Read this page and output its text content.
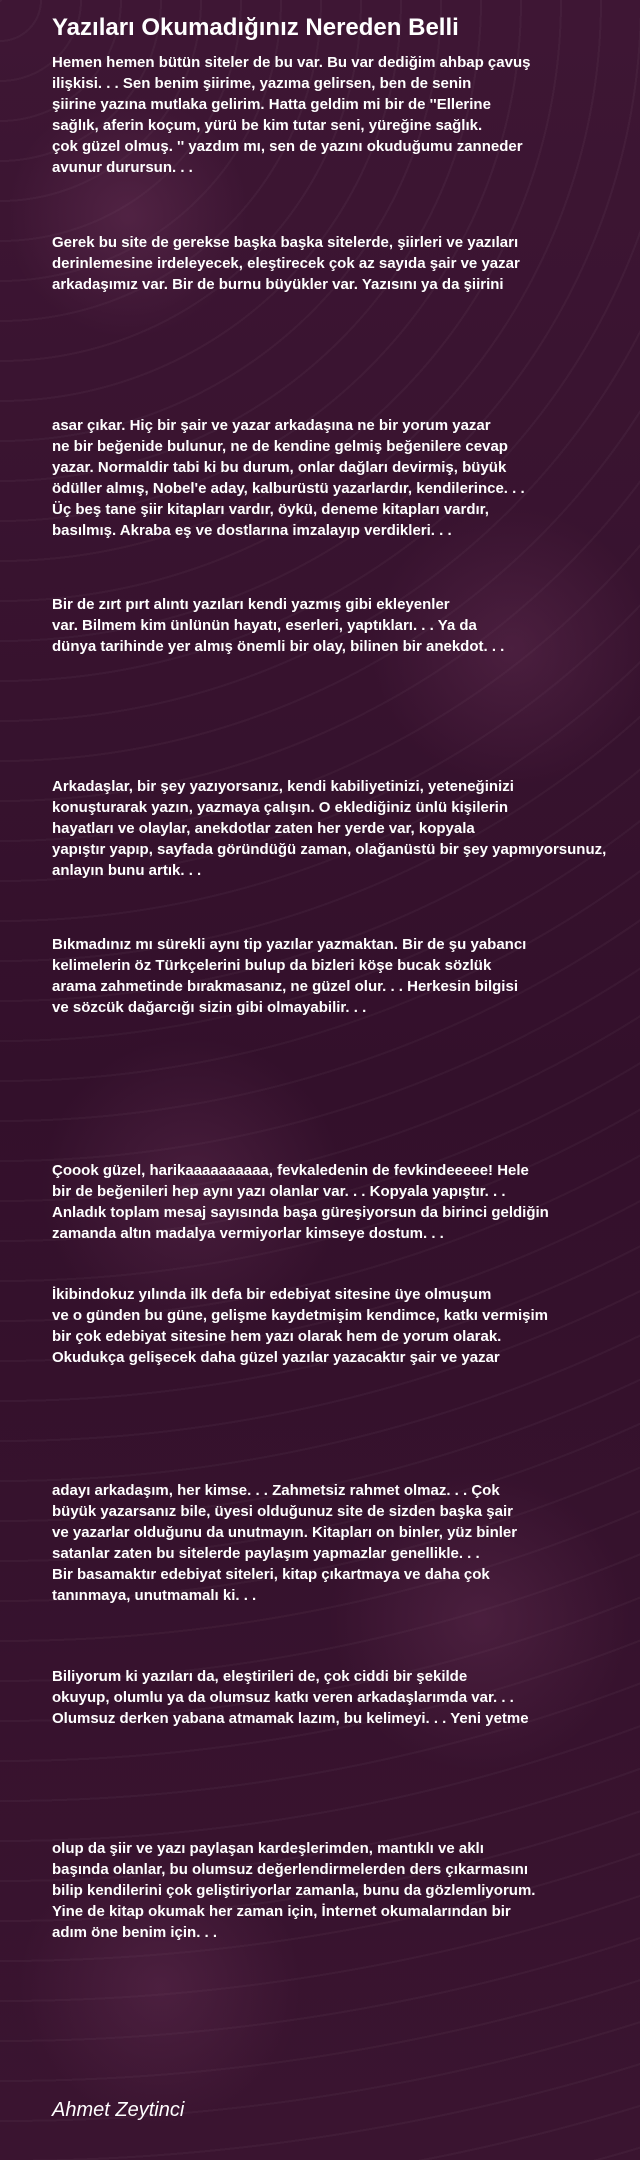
Yazıları Okumadığınız Nereden Belli
Hemen hemen bütün siteler de bu var. Bu var dediğim ahbap çavuş
ilişkisi. . . Sen benim şiirime, yazıma gelirsen, ben de senin
şiirine yazına mutlaka gelirim. Hatta geldim mi bir de ''Ellerine
sağlık, aferin koçum, yürü be kim tutar seni, yüreğine sağlık.
çok güzel olmuş. '' yazdım mı, sen de yazını okuduğumu zanneder
avunur durursun. . .
Gerek bu site de gerekse başka başka sitelerde, şiirleri ve yazıları
derinlemesine irdeleyecek, eleştirecek çok az sayıda şair ve yazar
arkadaşımız var. Bir de burnu büyükler var. Yazısını ya da şiirini
asar çıkar. Hiç bir şair ve yazar arkadaşına ne bir yorum yazar
ne bir beğenide bulunur, ne de kendine gelmiş beğenilere cevap
yazar. Normaldir tabi ki bu durum, onlar dağları devirmiş, büyük
ödüller almış, Nobel'e aday, kalburüstü yazarlardır, kendilerince. . .
Üç beş tane şiir kitapları vardır, öykü, deneme kitapları vardır,
basılmış. Akraba eş ve dostlarına imzalayıp verdikleri. . .
Bir de zırt pırt alıntı yazıları kendi yazmış gibi ekleyenler
var. Bilmem kim ünlünün hayatı, eserleri, yaptıkları. . . Ya da
dünya tarihinde yer almış önemli bir olay, bilinen bir anekdot. . .
Arkadaşlar, bir şey yazıyorsanız, kendi kabiliyetinizi, yeteneğinizi
konuşturarak yazın, yazmaya çalışın. O eklediğiniz ünlü kişilerin
hayatları ve olaylar, anekdotlar zaten her yerde var, kopyala
yapıştır yapıp, sayfada göründüğü zaman, olağanüstü bir şey yapmıyorsunuz,
anlayın bunu artık. . .
Bıkmadınız mı sürekli aynı tip yazılar yazmaktan. Bir de şu yabancı
kelimelerin öz Türkçelerini bulup da bizleri köşe bucak sözlük
arama zahmetinde bırakmasanız, ne güzel olur. . . Herkesin bilgisi
ve sözcük dağarcığı sizin gibi olmayabilir. . .
Çoook güzel, harikaaaaaaaaaa, fevkaledenin de fevkindeeeee! Hele
bir de beğenileri hep aynı yazı olanlar var. . . Kopyala yapıştır. . .
Anladık toplam mesaj sayısında başa güreşiyorsun da birinci geldiğin
zamanda altın madalya vermiyorlar kimseye dostum. . .
İkibindokuz yılında ilk defa bir edebiyat sitesine üye olmuşum
ve o günden bu güne, gelişme kaydetmişim kendimce, katkı vermişim
bir çok edebiyat sitesine hem yazı olarak hem de yorum olarak.
Okudukça gelişecek daha güzel yazılar yazacaktır şair ve yazar
adayı arkadaşım, her kimse. . . Zahmetsiz rahmet olmaz. . . Çok
büyük yazarsanız bile, üyesi olduğunuz site de sizden başka şair
ve yazarlar olduğunu da unutmayın. Kitapları on binler, yüz binler
satanlar zaten bu sitelerde paylaşım yapmazlar genellikle. . .
Bir basamaktır edebiyat siteleri, kitap çıkartmaya ve daha çok
tanınmaya, unutmamalı ki. . .
Biliyorum ki yazıları da, eleştirileri de, çok ciddi bir şekilde
okuyup, olumlu ya da olumsuz katkı veren arkadaşlarımda var. . .
Olumsuz derken yabana atmamak lazım, bu kelimeyi. . . Yeni yetme
olup da şiir ve yazı paylaşan kardeşlerimden, mantıklı ve aklı
başında olanlar, bu olumsuz değerlendirmelerden ders çıkarmasını
bilip kendilerini çok geliştiriyorlar zamanla, bunu da gözlemliyorum.
Yine de kitap okumak her zaman için, İnternet okumalarından bir
adım öne benim için. . .
Ahmet Zeytinci
